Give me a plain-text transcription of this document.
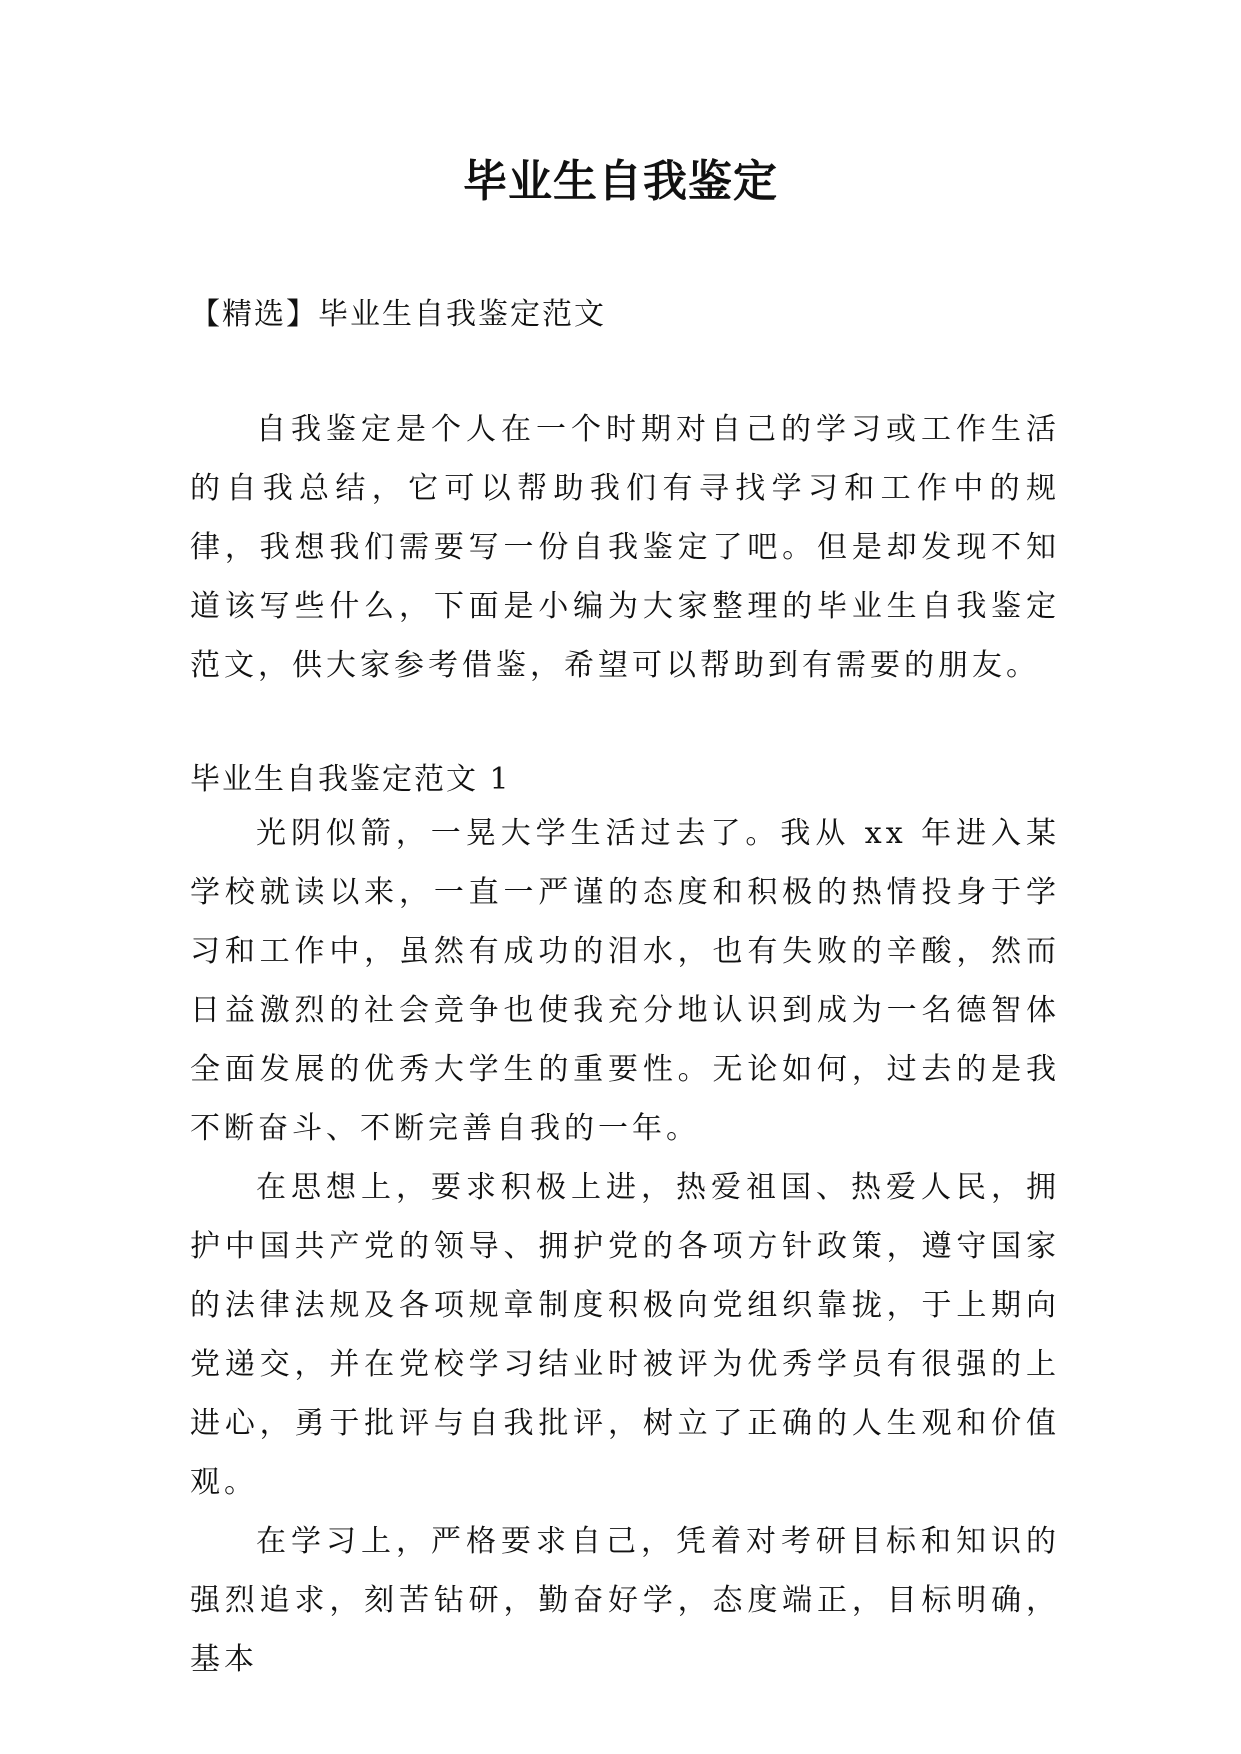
毕业生自我鉴定
【精选】毕业生自我鉴定范文

自我鉴定是个人在一个时期对自己的学习或工作生活的自我总结，它可以帮助我们有寻找学习和工作中的规律，我想我们需要写一份自我鉴定了吧。但是却发现不知道该写些什么，下面是小编为大家整理的毕业生自我鉴定范文，供大家参考借鉴，希望可以帮助到有需要的朋友。

毕业生自我鉴定范文 1

光阴似箭，一晃大学生活过去了。我从 xx 年进入某学校就读以来，一直一严谨的态度和积极的热情投身于学习和工作中，虽然有成功的泪水，也有失败的辛酸，然而日益激烈的社会竞争也使我充分地认识到成为一名德智体全面发展的优秀大学生的重要性。无论如何，过去的是我不断奋斗、不断完善自我的一年。

在思想上，要求积极上进，热爱祖国、热爱人民，拥护中国共产党的领导、拥护党的各项方针政策，遵守国家的法律法规及各项规章制度积极向党组织靠拢，于上期向党递交，并在党校学习结业时被评为优秀学员有很强的上进心，勇于批评与自我批评，树立了正确的人生观和价值观。

在学习上，严格要求自己，凭着对考研目标和知识的强烈追求，刻苦钻研，勤奋好学，态度端正，目标明确，基本
